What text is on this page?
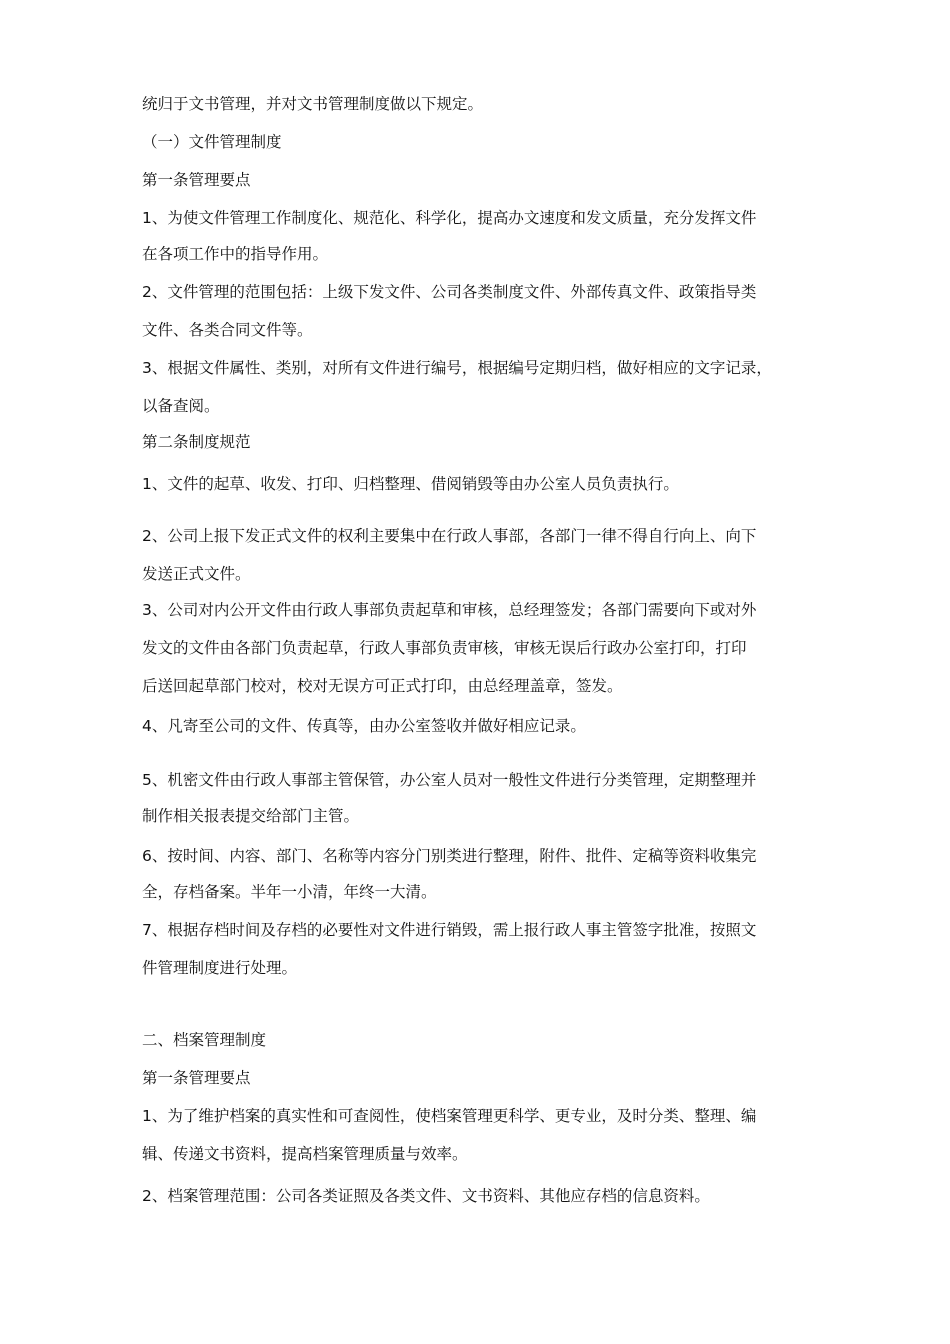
统归于文书管理，并对文书管理制度做以下规定。
（一）文件管理制度
第一条管理要点
1、为使文件管理工作制度化、规范化、科学化，提高办文速度和发文质量，充分发挥文件
在各项工作中的指导作用。
2、文件管理的范围包括：上级下发文件、公司各类制度文件、外部传真文件、政策指导类
文件、各类合同文件等。
3、根据文件属性、类别，对所有文件进行编号，根据编号定期归档，做好相应的文字记录，
以备查阅。
第二条制度规范
1、文件的起草、收发、打印、归档整理、借阅销毁等由办公室人员负责执行。
2、公司上报下发正式文件的权利主要集中在行政人事部，各部门一律不得自行向上、向下
发送正式文件。
3、公司对内公开文件由行政人事部负责起草和审核，总经理签发；各部门需要向下或对外
发文的文件由各部门负责起草，行政人事部负责审核，审核无误后行政办公室打印，打印
后送回起草部门校对，校对无误方可正式打印，由总经理盖章，签发。
4、凡寄至公司的文件、传真等，由办公室签收并做好相应记录。
5、机密文件由行政人事部主管保管，办公室人员对一般性文件进行分类管理，定期整理并
制作相关报表提交给部门主管。
6、按时间、内容、部门、名称等内容分门别类进行整理，附件、批件、定稿等资料收集完
全，存档备案。半年一小清，年终一大清。
7、根据存档时间及存档的必要性对文件进行销毁，需上报行政人事主管签字批准，按照文
件管理制度进行处理。
二、档案管理制度
第一条管理要点
1、为了维护档案的真实性和可查阅性，使档案管理更科学、更专业，及时分类、整理、编
辑、传递文书资料，提高档案管理质量与效率。
2、档案管理范围：公司各类证照及各类文件、文书资料、其他应存档的信息资料。
